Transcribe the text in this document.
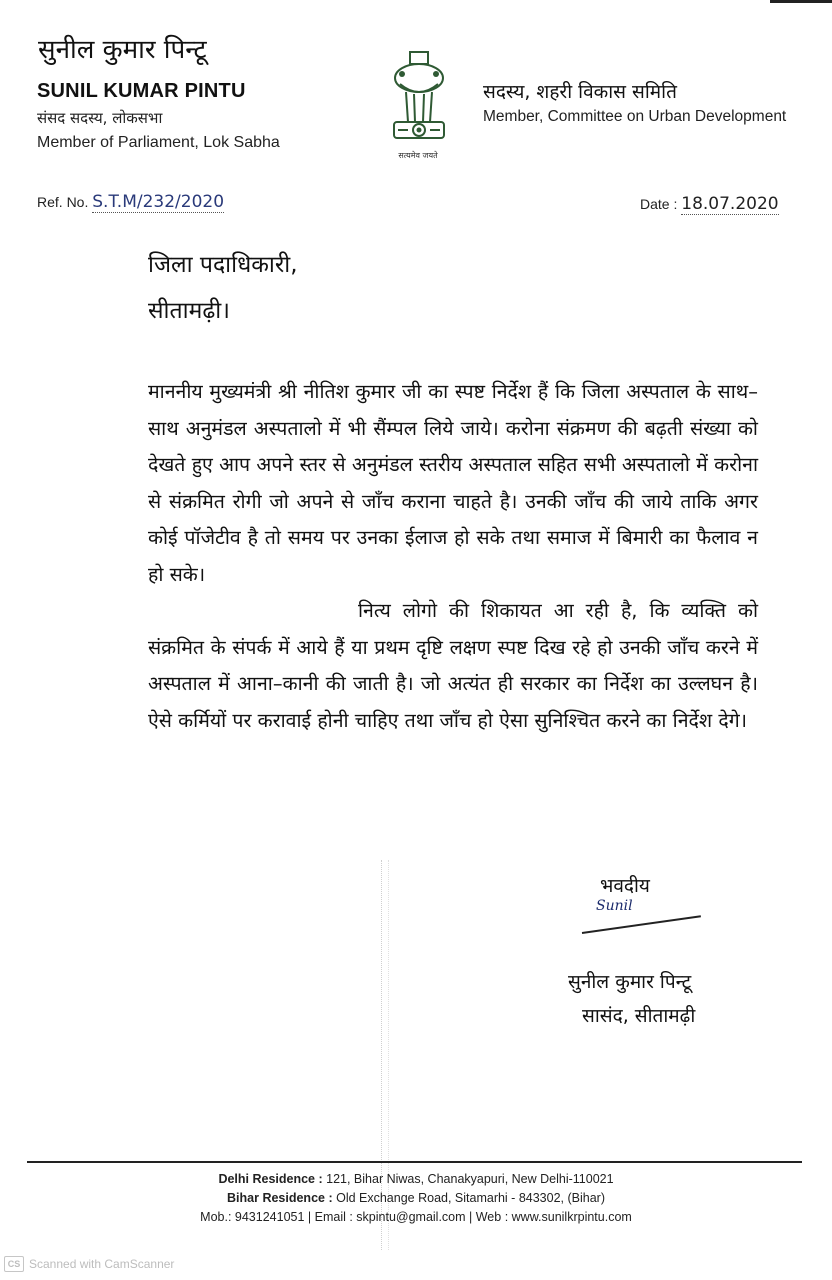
सुनील कुमार पिन्टू
SUNIL KUMAR PINTU
संसद सदस्य, लोकसभा
Member of Parliament, Lok Sabha
सत्यमेव जयते
सदस्य, शहरी विकास समिति
Member, Committee on Urban Development
Ref. No. S.T.M/232/2020	Date : 18.07.2020
जिला पदाधिकारी,
सीतामढ़ी।

माननीय मुख्यमंत्री श्री नीतिश कुमार जी का स्पष्ट निर्देश हैं कि जिला अस्पताल के साथ–साथ अनुमंडल अस्पतालो में भी सैंम्पल लिये जाये। करोना संक्रमण की बढ़ती संख्या को देखते हुए आप अपने स्तर से अनुमंडल स्तरीय अस्पताल सहित सभी अस्पतालो में करोना से संक्रमित रोगी जो अपने से जाँच कराना चाहते है। उनकी जाँच की जाये ताकि अगर कोई पॉजेटीव है तो समय पर उनका ईलाज हो सके तथा समाज में बिमारी का फैलाव न हो सके।

नित्य लोगो की शिकायत आ रही है, कि व्यक्ति को संक्रमित के संपर्क में आये हैं या प्रथम दृष्टि लक्षण स्पष्ट दिख रहे हो उनकी जाँच करने में अस्पताल में आना–कानी की जाती है। जो अत्यंत ही सरकार का निर्देश का उल्लघन है। ऐसे कर्मियों पर करावाई होनी चाहिए तथा जाँच हो ऐसा सुनिश्चित करने का निर्देश देगे।

भवदीय
Sunil
सुनील कुमार पिन्टू
सासंद, सीतामढ़ी
Delhi Residence : 121, Bihar Niwas, Chanakyapuri, New Delhi-110021
Bihar Residence : Old Exchange Road, Sitamarhi - 843302, (Bihar)
Mob.: 9431241051 | Email : skpintu@gmail.com | Web : www.sunilkrpintu.com
CS Scanned with CamScanner
